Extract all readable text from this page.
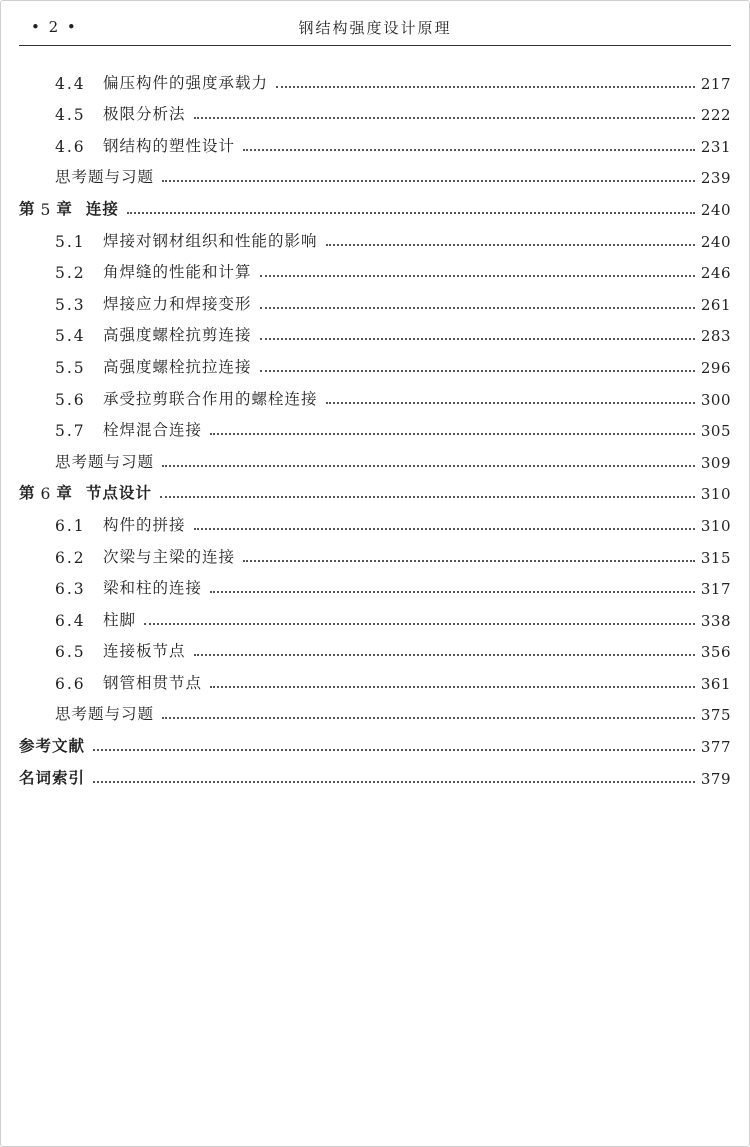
• 2 •	钢结构强度设计原理
4.4	偏压构件的强度承载力	217
4.5	极限分析法	222
4.6	钢结构的塑性设计	231
思考题与习题	239
第 5 章 连接	240
5.1	焊接对钢材组织和性能的影响	240
5.2	角焊缝的性能和计算	246
5.3	焊接应力和焊接变形	261
5.4	高强度螺栓抗剪连接	283
5.5	高强度螺栓抗拉连接	296
5.6	承受拉剪联合作用的螺栓连接	300
5.7	栓焊混合连接	305
思考题与习题	309
第 6 章 节点设计	310
6.1	构件的拼接	310
6.2	次梁与主梁的连接	315
6.3	梁和柱的连接	317
6.4	柱脚	338
6.5	连接板节点	356
6.6	钢管相贯节点	361
思考题与习题	375
参考文献	377
名词索引	379
